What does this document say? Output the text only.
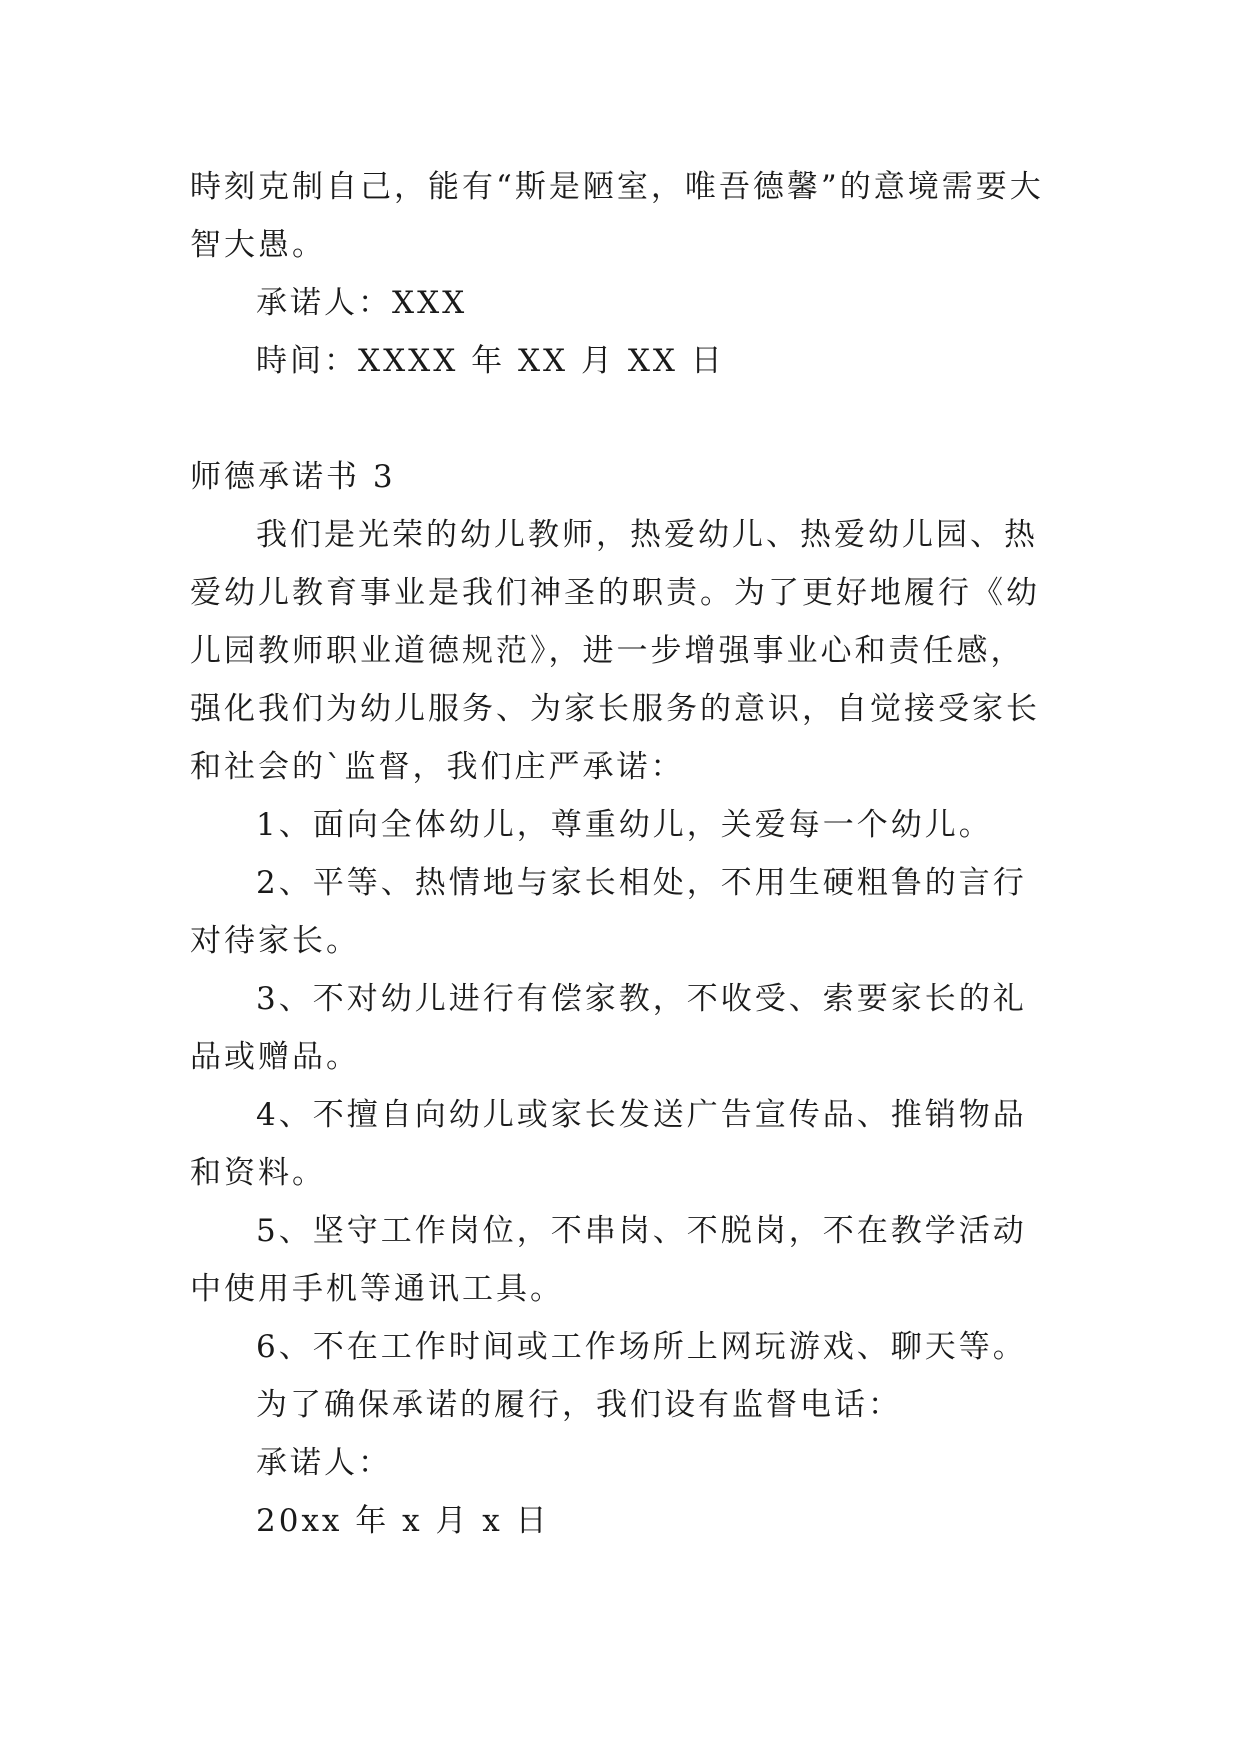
時刻克制自己，能有“斯是陋室，唯吾德馨”的意境需要大智大愚。

承诺人：XXX

時间：XXXX 年 XX 月 XX 日

师德承诺书 3

我们是光荣的幼儿教师，热爱幼儿、热爱幼儿园、热爱幼儿教育事业是我们神圣的职责。为了更好地履行《幼儿园教师职业道德规范》，进一步增强事业心和责任感，强化我们为幼儿服务、为家长服务的意识，自觉接受家长和社会的`监督，我们庄严承诺：

1、面向全体幼儿，尊重幼儿，关爱每一个幼儿。

2、平等、热情地与家长相处，不用生硬粗鲁的言行对待家长。

3、不对幼儿进行有偿家教，不收受、索要家长的礼品或赠品。

4、不擅自向幼儿或家长发送广告宣传品、推销物品和资料。

5、坚守工作岗位，不串岗、不脱岗，不在教学活动中使用手机等通讯工具。

6、不在工作时间或工作场所上网玩游戏、聊天等。

为了确保承诺的履行，我们设有监督电话：

承诺人：

20xx 年 x 月 x 日
